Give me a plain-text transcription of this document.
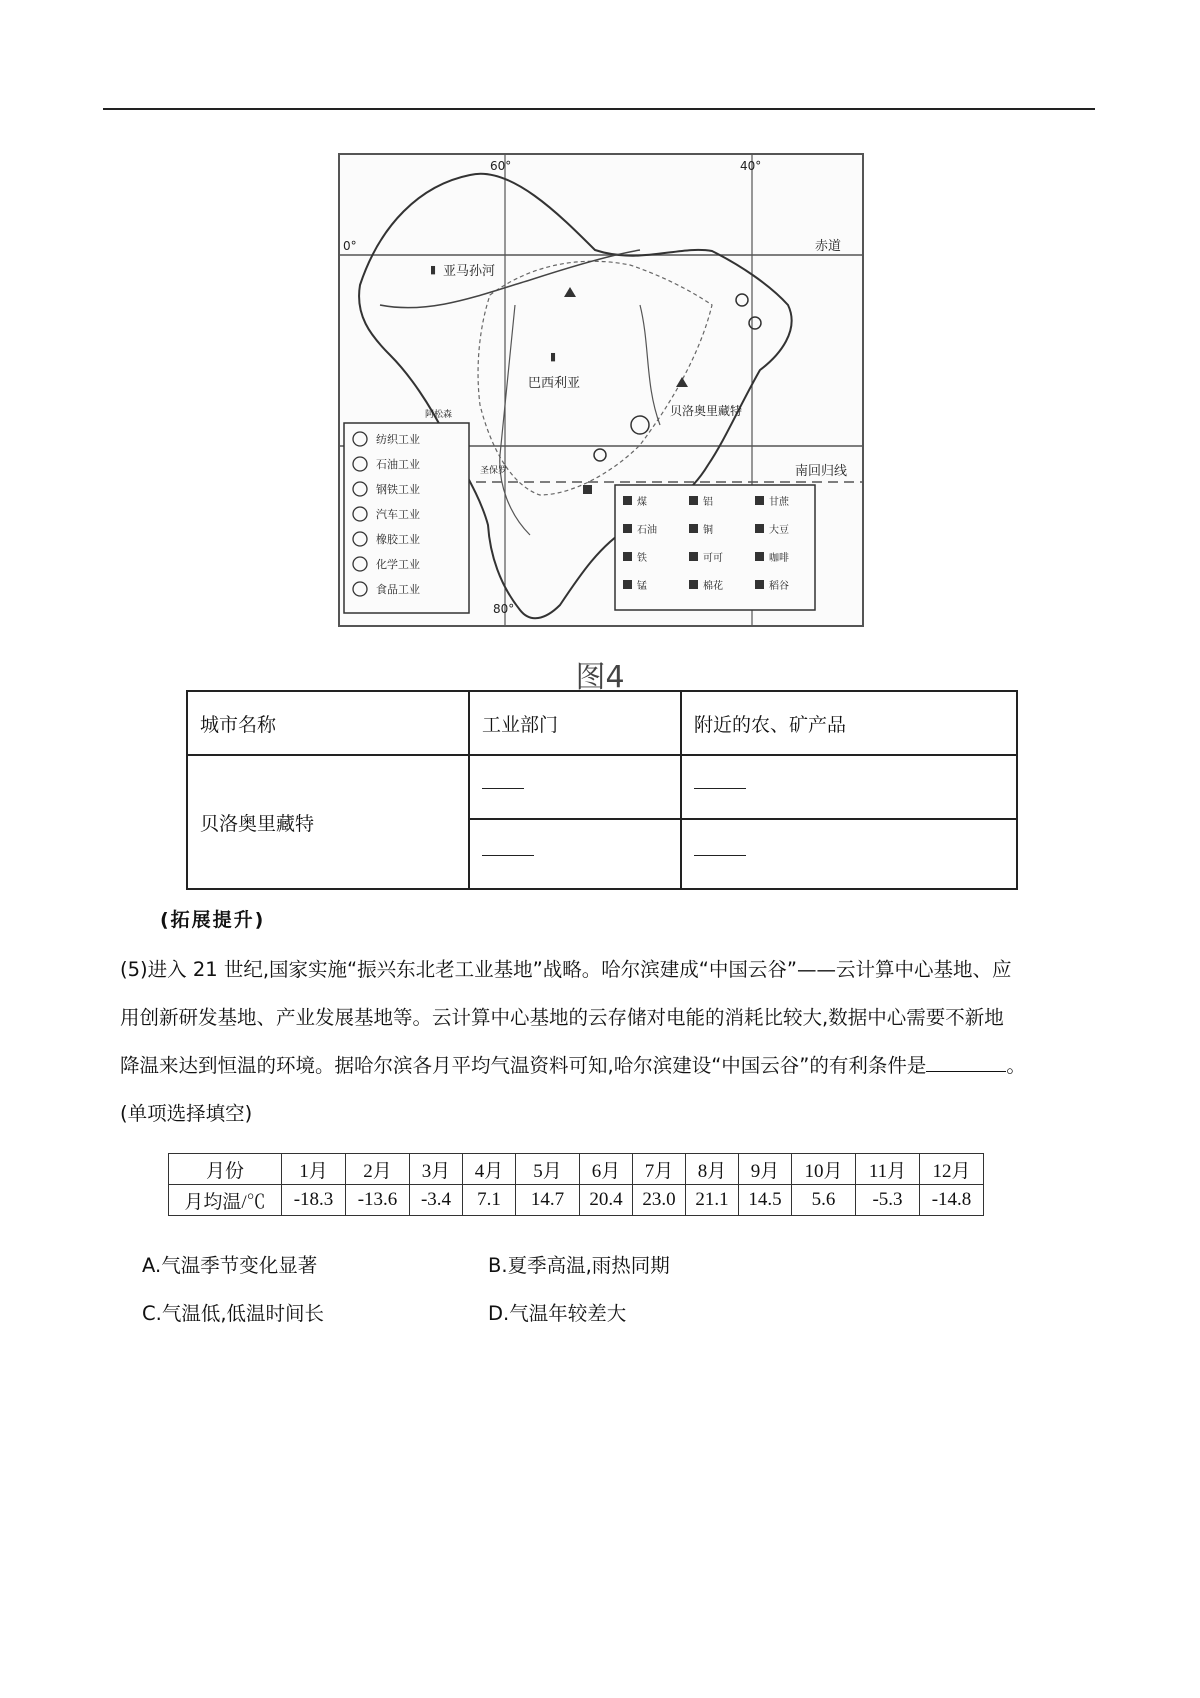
▮
▮
0°
60°	40°
80°
赤道
南回归线
亚马孙河
巴西利亚
贝洛奥里藏特
阿松森
圣保罗
纺织工业
石油工业
钢铁工业
汽车工业
橡胶工业
化学工业
食品工业
煤
石油
铁
锰
铝
铜
可可
棉花
甘蔗
大豆
咖啡
稻谷
图4
城市名称	工业部门	附近的农、矿产品
贝洛奥里藏特		

(拓展提升)
(5)进入 21 世纪,国家实施“振兴东北老工业基地”战略。哈尔滨建成“中国云谷”——云计算中心基地、应
用创新研发基地、产业发展基地等。云计算中心基地的云存储对电能的消耗比较大,数据中心需要不新地
降温来达到恒温的环境。据哈尔滨各月平均气温资料可知,哈尔滨建设“中国云谷”的有利条件是	。
(单项选择填空)
月份	1月	2月	3月	4月	5月	6月	7月	8月	9月	10月	11月	12月
月均温/℃	-18.3	-13.6	-3.4	7.1	14.7	20.4	23.0	21.1	14.5	5.6	-5.3	-14.8
A.气温季节变化显著	B.夏季高温,雨热同期
C.气温低,低温时间长	D.气温年较差大
